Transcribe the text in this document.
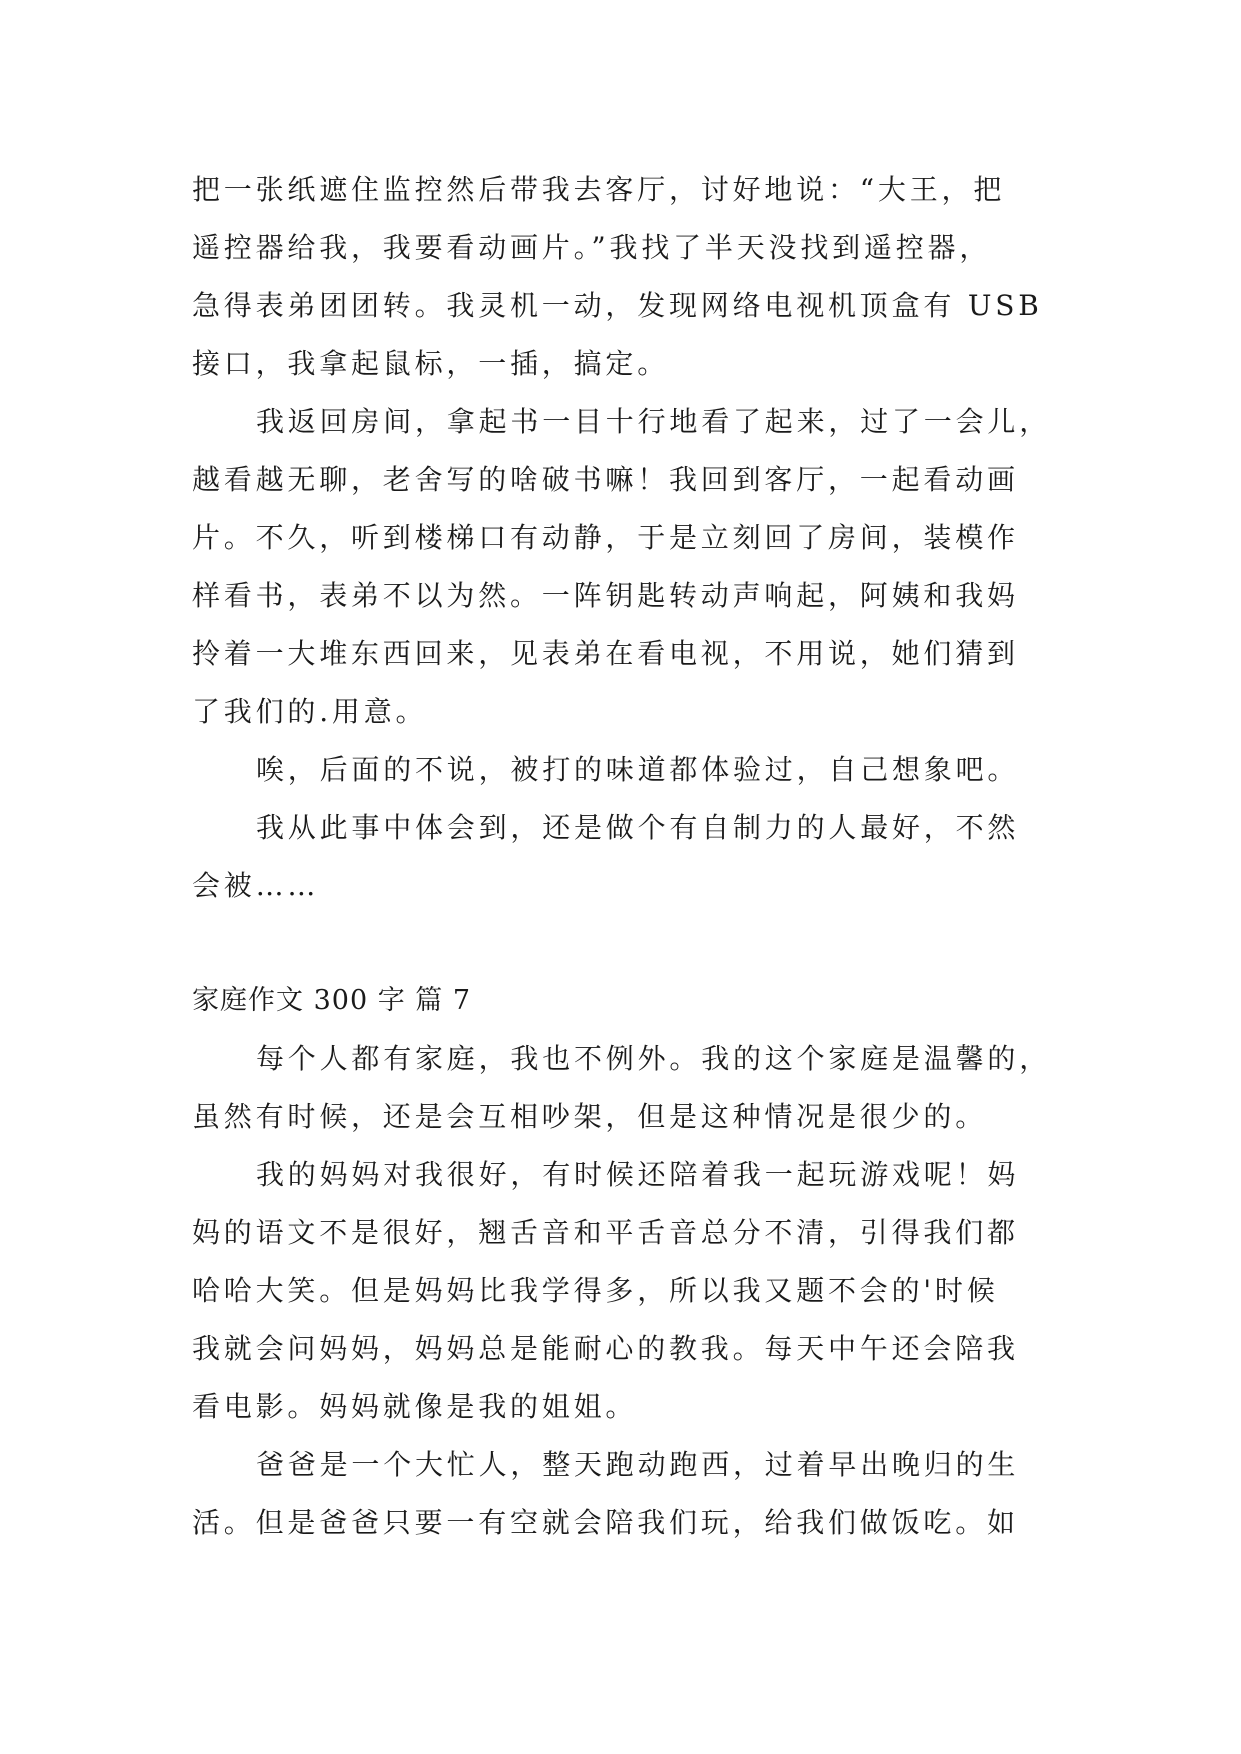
把一张纸遮住监控然后带我去客厅，讨好地说：“大王，把
遥控器给我，我要看动画片。”我找了半天没找到遥控器，
急得表弟团团转。我灵机一动，发现网络电视机顶盒有 USB
接口，我拿起鼠标，一插，搞定。
我返回房间，拿起书一目十行地看了起来，过了一会儿，
越看越无聊，老舍写的啥破书嘛！我回到客厅，一起看动画
片。不久，听到楼梯口有动静，于是立刻回了房间，装模作
样看书，表弟不以为然。一阵钥匙转动声响起，阿姨和我妈
拎着一大堆东西回来，见表弟在看电视，不用说，她们猜到
了我们的.用意。
唉，后面的不说，被打的味道都体验过，自己想象吧。
我从此事中体会到，还是做个有自制力的人最好，不然
会被……
家庭作文 300 字 篇 7
每个人都有家庭，我也不例外。我的这个家庭是温馨的，
虽然有时候，还是会互相吵架，但是这种情况是很少的。
我的妈妈对我很好，有时候还陪着我一起玩游戏呢！妈
妈的语文不是很好，翘舌音和平舌音总分不清，引得我们都
哈哈大笑。但是妈妈比我学得多，所以我又题不会的'时候
我就会问妈妈，妈妈总是能耐心的教我。每天中午还会陪我
看电影。妈妈就像是我的姐姐。
爸爸是一个大忙人，整天跑动跑西，过着早出晚归的生
活。但是爸爸只要一有空就会陪我们玩，给我们做饭吃。如
